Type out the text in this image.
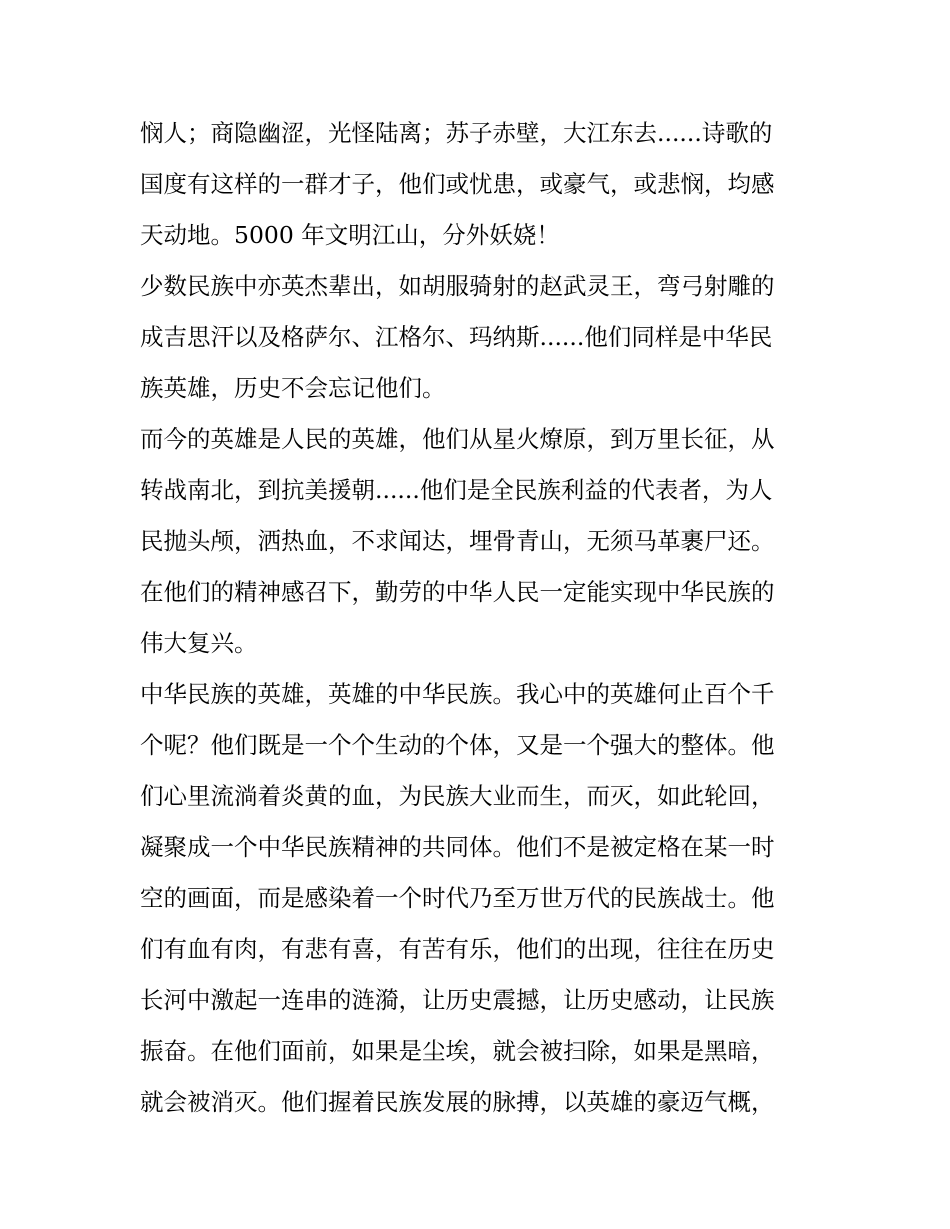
悯人；商隐幽涩，光怪陆离；苏子赤壁，大江东去......诗歌的
国度有这样的一群才子，他们或忧患，或豪气，或悲悯，均感
天动地。5000 年文明江山，分外妖娆！
少数民族中亦英杰辈出，如胡服骑射的赵武灵王，弯弓射雕的
成吉思汗以及格萨尔、江格尔、玛纳斯......他们同样是中华民
族英雄，历史不会忘记他们。
而今的英雄是人民的英雄，他们从星火燎原，到万里长征，从
转战南北，到抗美援朝......他们是全民族利益的代表者，为人
民抛头颅，洒热血，不求闻达，埋骨青山，无须马革裹尸还。
在他们的精神感召下，勤劳的中华人民一定能实现中华民族的
伟大复兴。
中华民族的英雄，英雄的中华民族。我心中的英雄何止百个千
个呢？他们既是一个个生动的个体，又是一个强大的整体。他
们心里流淌着炎黄的血，为民族大业而生，而灭，如此轮回，
凝聚成一个中华民族精神的共同体。他们不是被定格在某一时
空的画面，而是感染着一个时代乃至万世万代的民族战士。他
们有血有肉，有悲有喜，有苦有乐，他们的出现，往往在历史
长河中激起一连串的涟漪，让历史震撼，让历史感动，让民族
振奋。在他们面前，如果是尘埃，就会被扫除，如果是黑暗，
就会被消灭。他们握着民族发展的脉搏，以英雄的豪迈气概，
